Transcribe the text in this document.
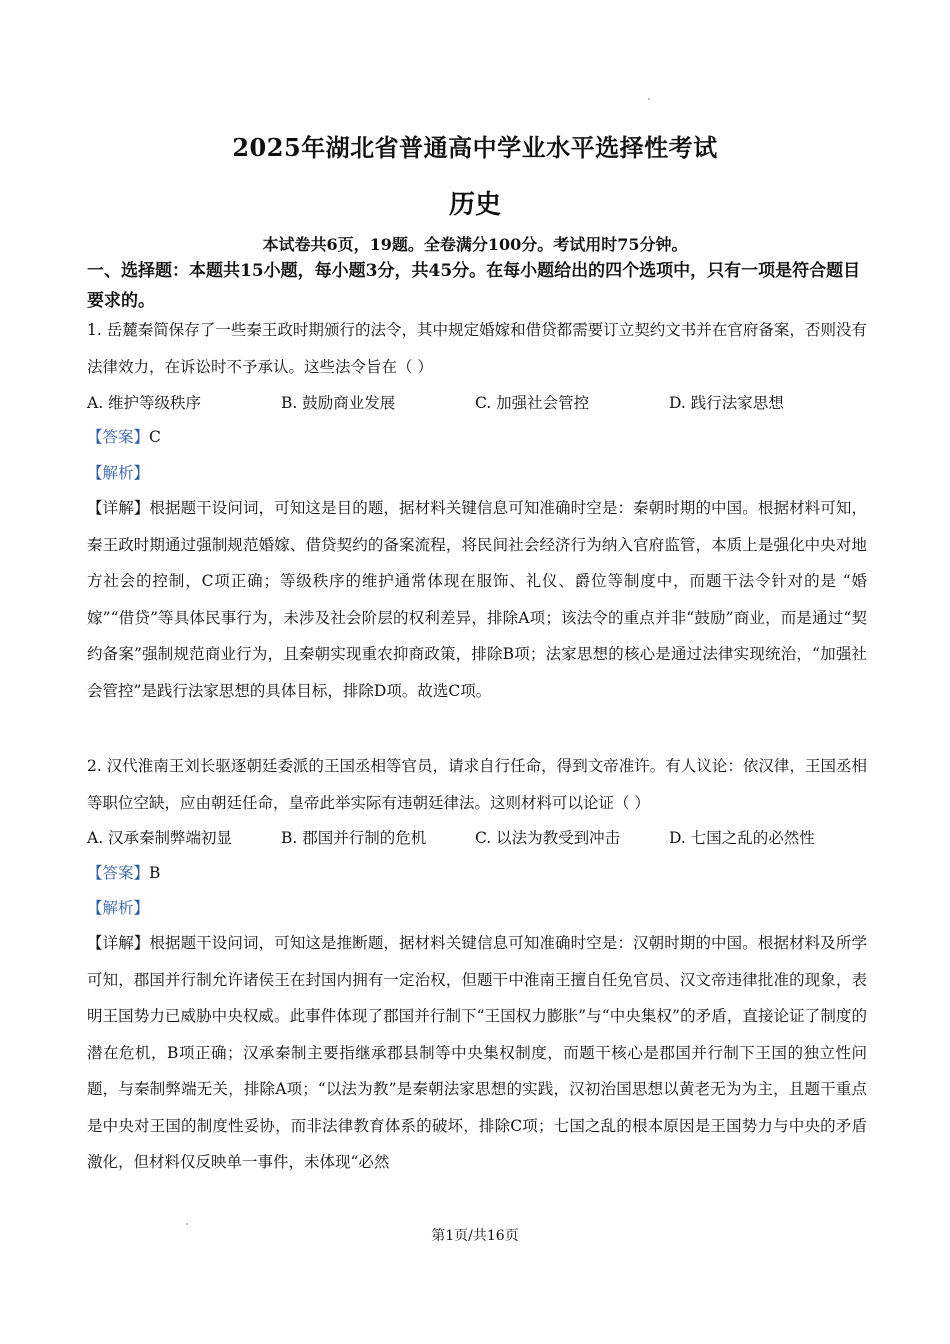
2025年湖北省普通高中学业水平选择性考试
历史
本试卷共6页，19题。全卷满分100分。考试用时75分钟。
一、选择题：本题共15小题，每小题3分，共45分。在每小题给出的四个选项中，只有一项是符合题目要求的。
1. 岳麓秦简保存了一些秦王政时期颁行的法令，其中规定婚嫁和借贷都需要订立契约文书并在官府备案，否则没有法律效力，在诉讼时不予承认。这些法令旨在（ ）
A. 维护等级秩序	B. 鼓励商业发展	C. 加强社会管控	D. 践行法家思想
【答案】C
【解析】
【详解】根据题干设问词，可知这是目的题，据材料关键信息可知准确时空是：秦朝时期的中国。根据材料可知，秦王政时期通过强制规范婚嫁、借贷契约的备案流程，将民间社会经济行为纳入官府监管，本质上是强化中央对地方社会的控制，C项正确；等级秩序的维护通常体现在服饰、礼仪、爵位等制度中，而题干法令针对的是 “婚嫁”“借贷”等具体民事行为，未涉及社会阶层的权利差异，排除A项；该法令的重点并非“鼓励”商业，而是通过“契约备案”强制规范商业行为，且秦朝实现重农抑商政策，排除B项；法家思想的核心是通过法律实现统治，“加强社会管控”是践行法家思想的具体目标，排除D项。故选C项。
2. 汉代淮南王刘长驱逐朝廷委派的王国丞相等官员，请求自行任命，得到文帝准许。有人议论：依汉律，王国丞相等职位空缺，应由朝廷任命，皇帝此举实际有违朝廷律法。这则材料可以论证（ ）
A. 汉承秦制弊端初显	B. 郡国并行制的危机	C. 以法为教受到冲击	D. 七国之乱的必然性
【答案】B
【解析】
【详解】根据题干设问词，可知这是推断题，据材料关键信息可知准确时空是：汉朝时期的中国。根据材料及所学可知，郡国并行制允许诸侯王在封国内拥有一定治权，但题干中淮南王擅自任免官员、汉文帝违律批准的现象，表明王国势力已威胁中央权威。此事件体现了郡国并行制下“王国权力膨胀”与“中央集权”的矛盾，直接论证了制度的潜在危机，B项正确；汉承秦制主要指继承郡县制等中央集权制度，而题干核心是郡国并行制下王国的独立性问题，与秦制弊端无关，排除A项；“以法为教”是秦朝法家思想的实践，汉初治国思想以黄老无为为主，且题干重点是中央对王国的制度性妥协，而非法律教育体系的破坏，排除C项；七国之乱的根本原因是王国势力与中央的矛盾激化，但材料仅反映单一事件，未体现“必然
第1页/共16页
